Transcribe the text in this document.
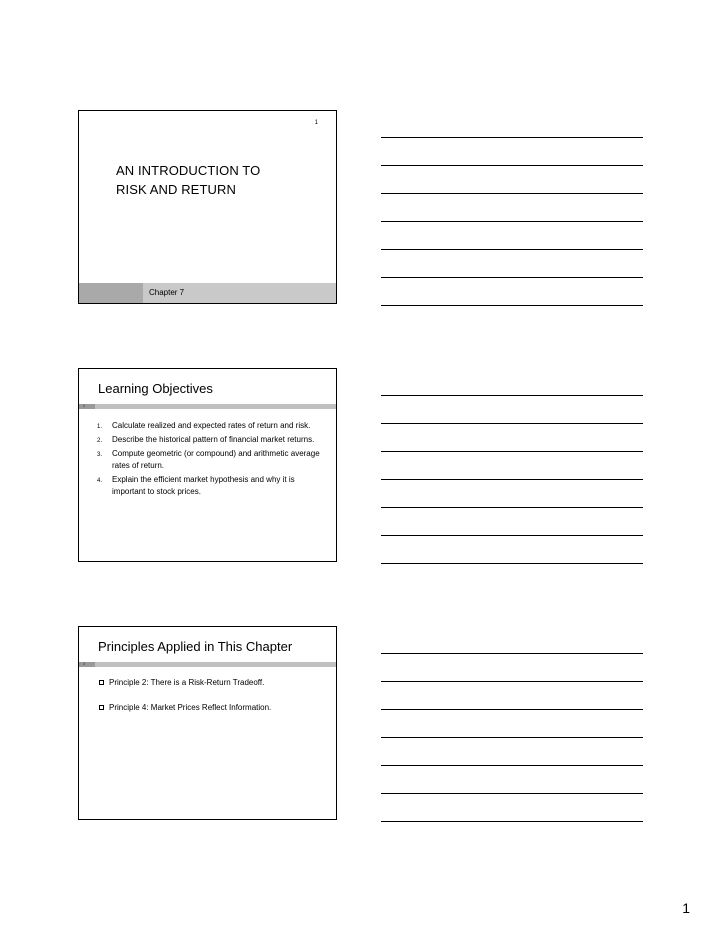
1
AN INTRODUCTION TO
RISK AND RETURN
Chapter 7
Learning Objectives
2
1. Calculate realized and expected rates of return and risk.
2. Describe the historical pattern of financial market returns.
3. Compute geometric (or compound) and arithmetic average rates of return.
4. Explain the efficient market hypothesis and why it is important to stock prices.
Principles Applied in This Chapter
3
Principle 2: There is a Risk-Return Tradeoff.
Principle 4: Market Prices Reflect Information.
1
